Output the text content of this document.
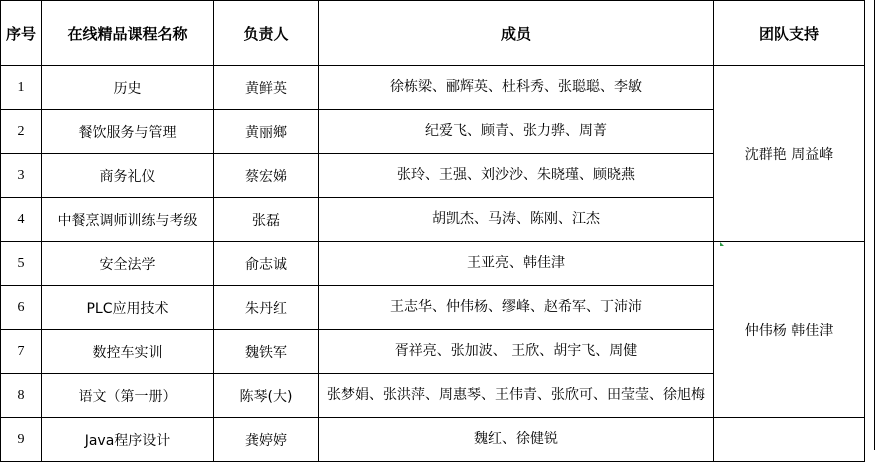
序号	在线精品课程名称	负责人	成员	团队支持
1	历史	黄鲜英	徐栋梁、郦辉英、杜科秀、张聪聪、李敏	沈群艳 周益峰
2	餐饮服务与管理	黄丽鄉	纪爱飞、顾青、张力骅、周菁	
3	商务礼仪	蔡宏娣	张玲、王强、刘沙沙、朱晓瑾、顾晓燕	
4	中餐烹调师训练与考级	张磊	胡凯杰、马涛、陈刚、江杰	
5	安全法学	俞志诚	王亚亮、韩佳津	仲伟杨 韩佳津
6	PLC应用技术	朱丹红	王志华、仲伟杨、缪峰、赵希军、丁沛沛	
7	数控车实训	魏铁军	胥祥亮、张加波、 王欣、胡宇飞、周健	
8	语文（第一册）	陈琴(大)	张梦娟、张洪萍、周惠琴、王伟青、张欣可、田莹莹、徐旭梅	
9	Java程序设计	龚婷婷	魏红、徐健锐	
